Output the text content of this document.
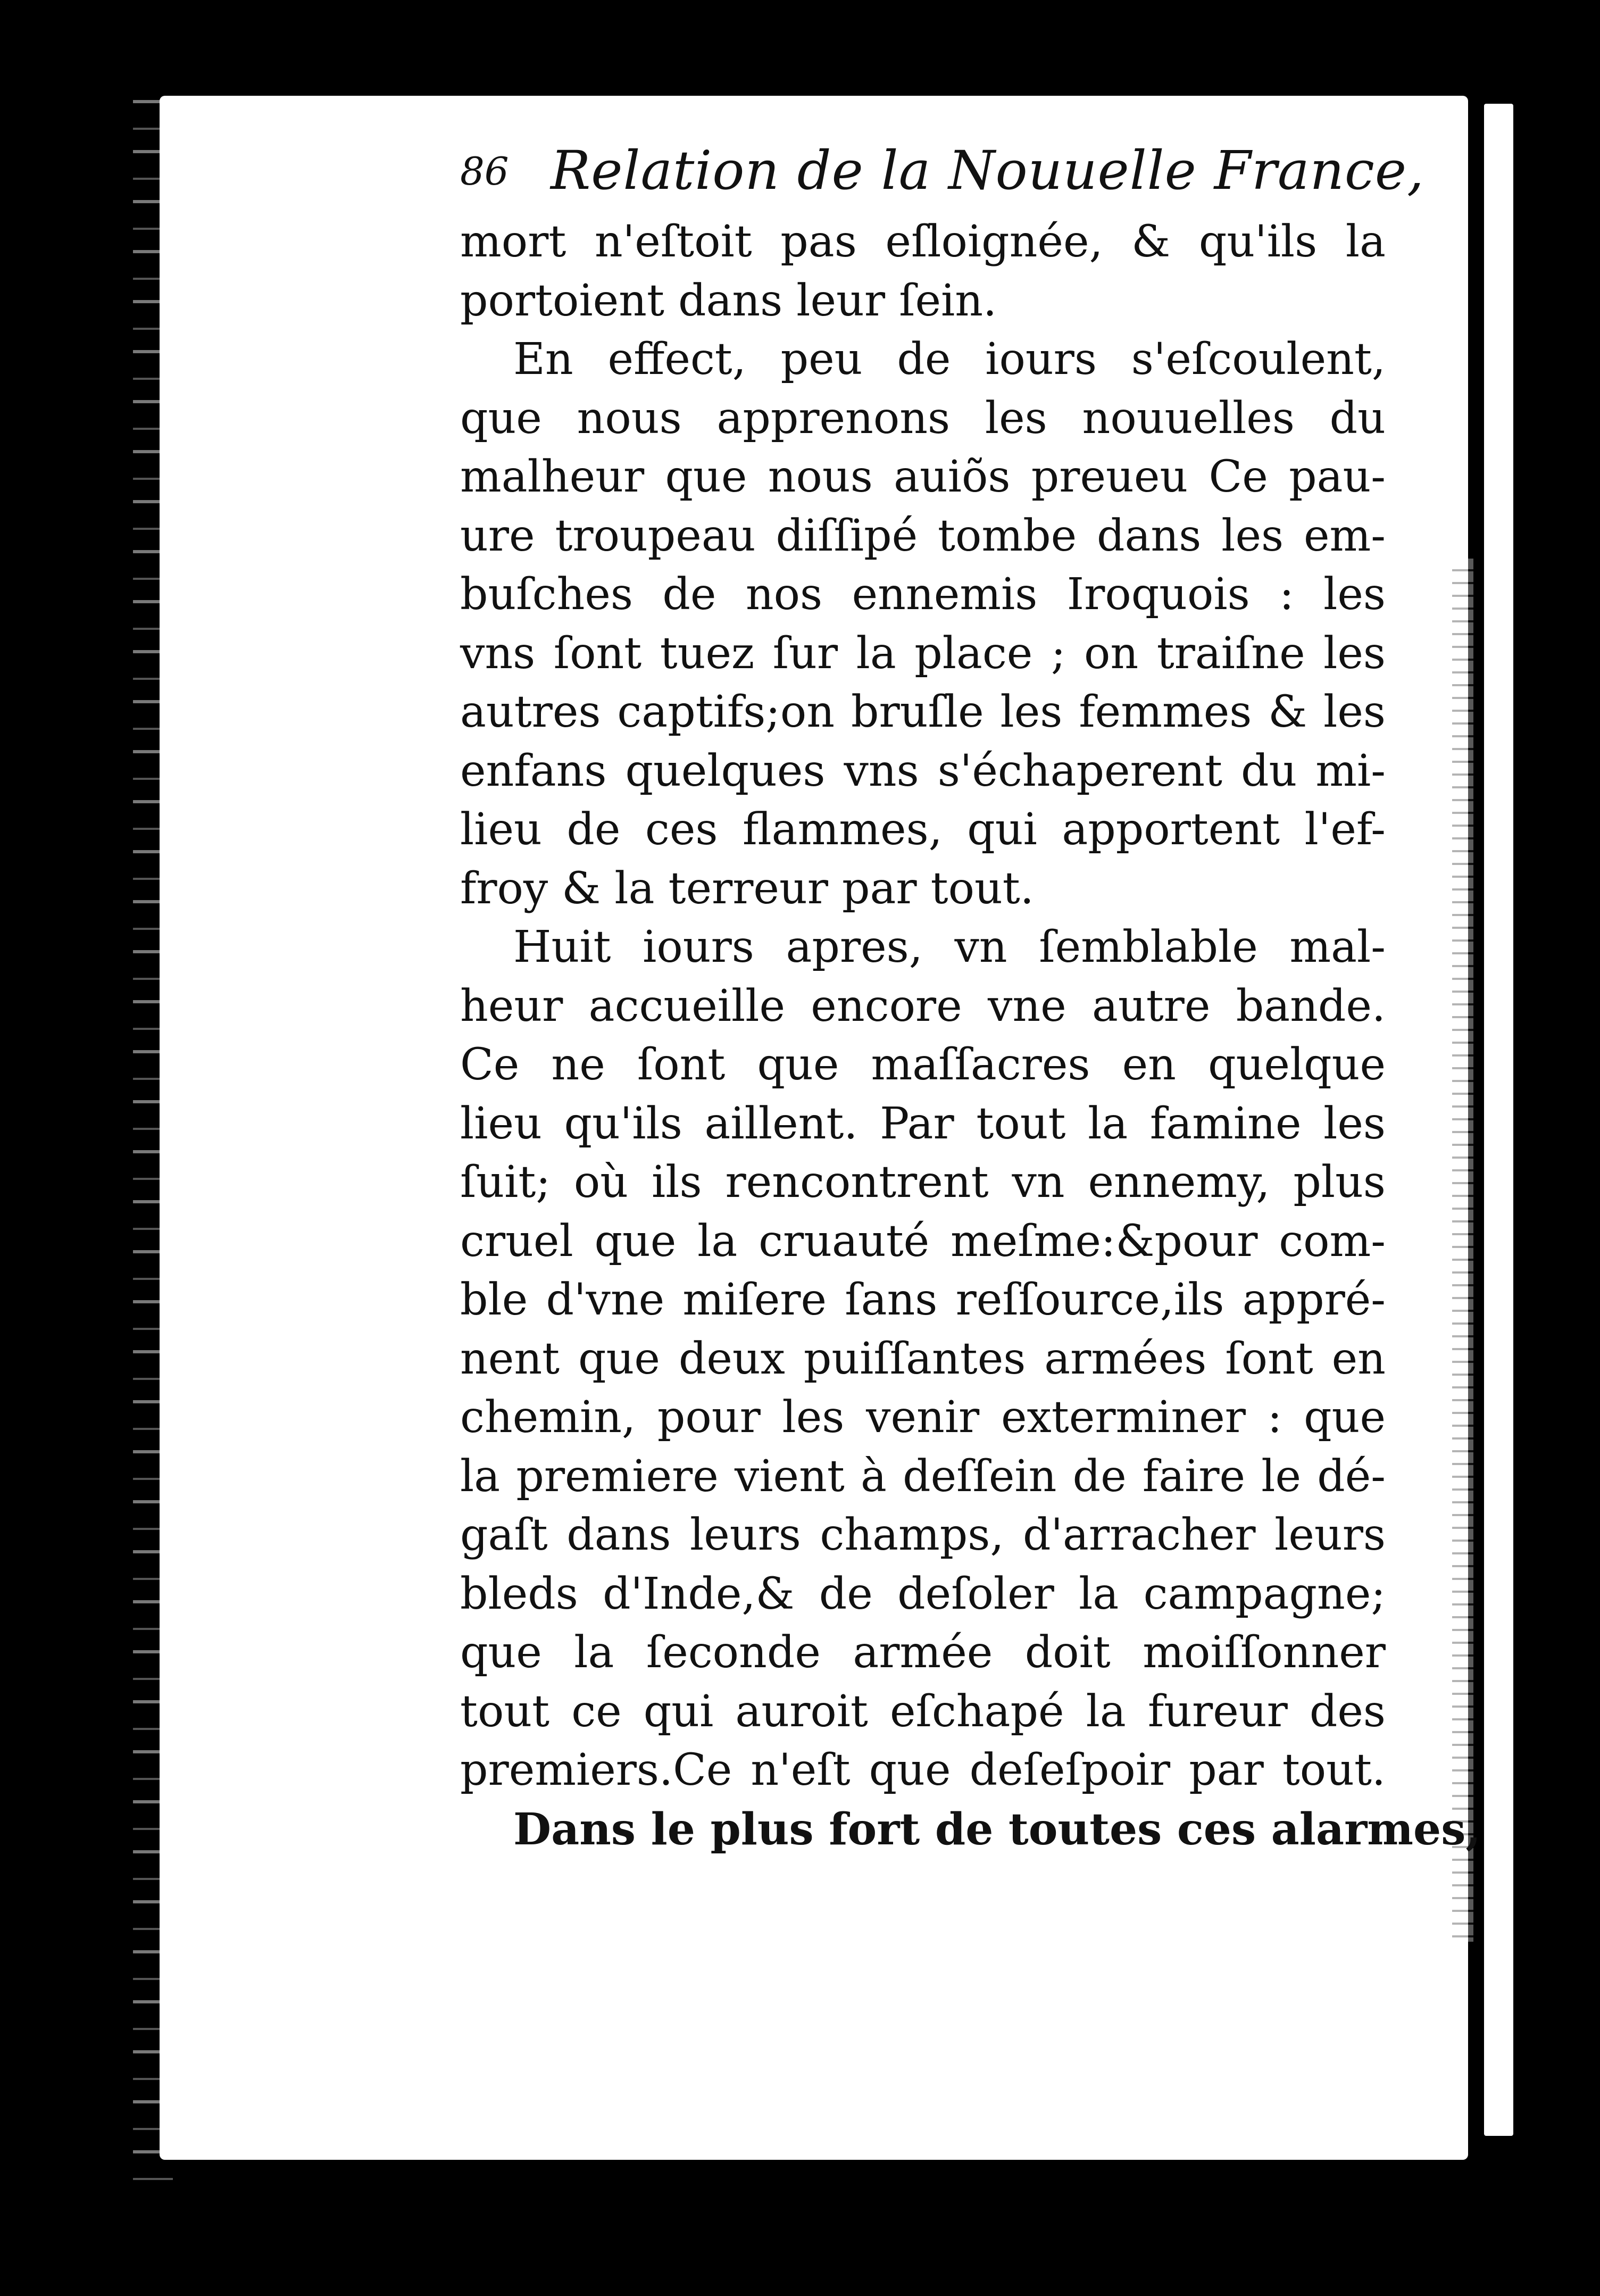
86 Relation de la Nouuelle France,
mort n'eſtoit pas eſloignée, & qu'ils la
portoient dans leur ſein.
En effect, peu de iours s'eſcoulent,
que nous apprenons les nouuelles du
malheur que nous auiõs preueu Ce pau-
ure troupeau diſſipé tombe dans les em-
buſches de nos ennemis Iroquois : les
vns ſont tuez ſur la place ; on traiſne les
autres captifs;on bruſle les femmes & les
enfans quelques vns s'échaperent du mi-
lieu de ces flammes, qui apportent l'ef-
froy & la terreur par tout.
Huit iours apres, vn ſemblable mal-
heur accueille encore vne autre bande.
Ce ne ſont que maſſacres en quelque
lieu qu'ils aillent. Par tout la famine les
ſuit; où ils rencontrent vn ennemy, plus
cruel que la cruauté meſme:&pour com-
ble d'vne miſere ſans reſſource,ils appré-
nent que deux puiſſantes armées ſont en
chemin, pour les venir exterminer : que
la premiere vient à deſſein de faire le dé-
gaſt dans leurs champs, d'arracher leurs
bleds d'Inde,& de deſoler la campagne;
que la ſeconde armée doit moiſſonner
tout ce qui auroit eſchapé la fureur des
premiers.Ce n'eſt que deſeſpoir par tout.
Dans le plus fort de toutes ces alarmes,
